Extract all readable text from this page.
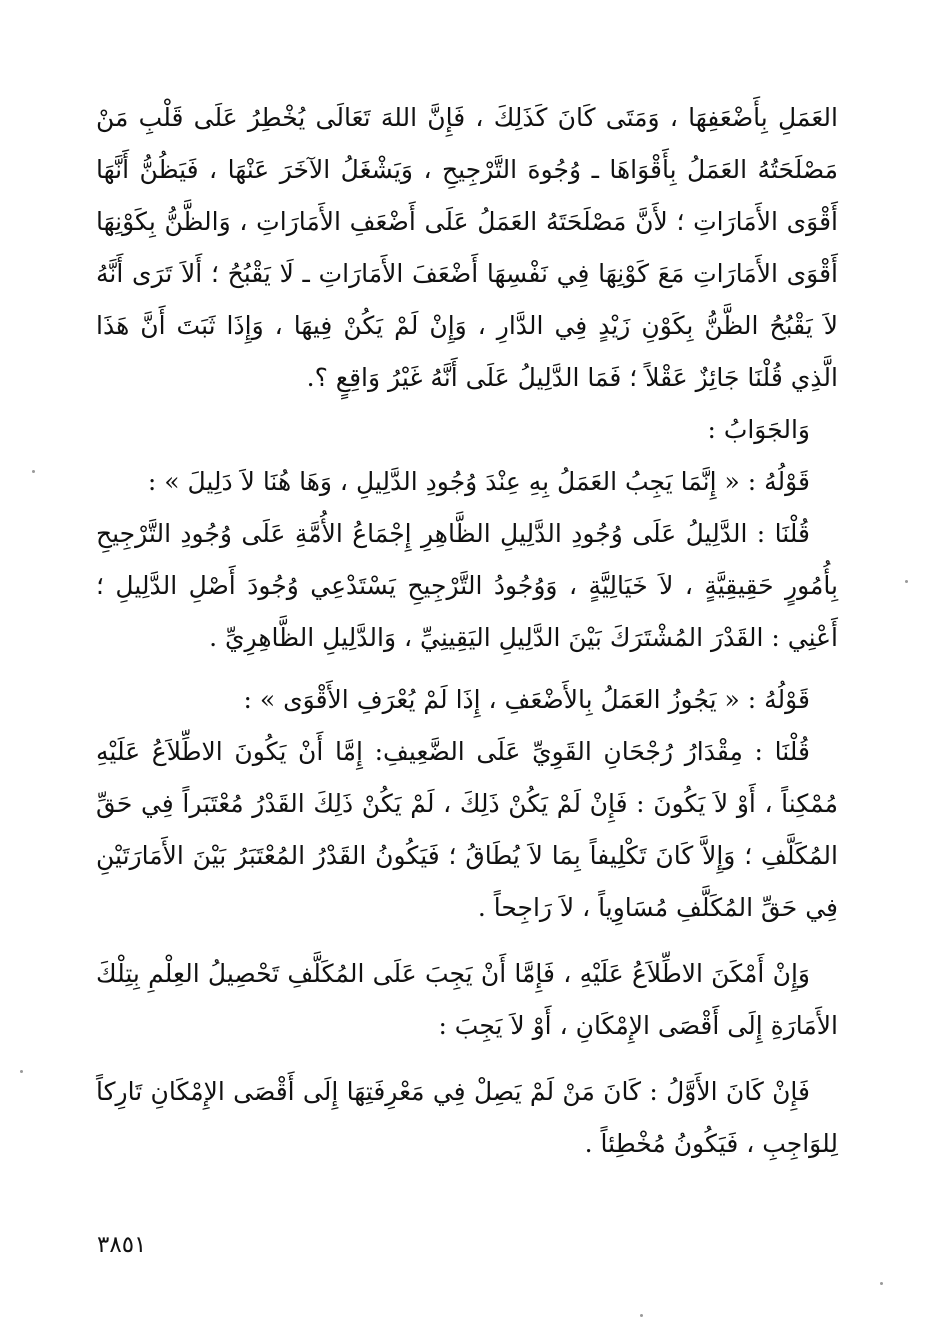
العَمَلِ بِأَضْعَفِهَا ، وَمَتَى كَانَ كَذَلِكَ ، فَإِنَّ اللهَ تَعَالَى يُخْطِرُ عَلَى قَلْبِ مَنْ مَصْلَحَتُهُ العَمَلُ بِأَقْوَاهَا ـ وُجُوهَ التَّرْجِيحِ ، وَيَشْغَلُ الآخَرَ عَنْهَا ، فَيَظُنُّ أَنَّهَا أَقْوَى الأَمَارَاتِ ؛ لأَنَّ مَصْلَحَتَهُ العَمَلُ عَلَى أَضْعَفِ الأَمَارَاتِ ، وَالظَّنُّ بِكَوْنِهَا أَقْوَى الأَمَارَاتِ مَعَ كَوْنِهَا فِي نَفْسِهَا أَضْعَفَ الأَمَارَاتِ ـ لَا يَقْبُحُ ؛ أَلاَ تَرَى أَنَّهُ لاَ يَقْبُحُ الظَّنُّ بِكَوْنِ زَيْدٍ فِي الدَّارِ ، وَإِنْ لَمْ يَكُنْ فِيهَا ، وَإِذَا ثَبَتَ أَنَّ هَذَا الَّذِي قُلْنَا جَائِزٌ عَقْلاً ؛ فَمَا الدَّلِيلُ عَلَى أَنَّهُ غَيْرُ وَاقِعٍ ؟.

وَالجَوَابُ :

قَوْلُهُ : « إِنَّمَا يَجِبُ العَمَلُ بِهِ عِنْدَ وُجُودِ الدَّلِيلِ ، وَهَا هُنَا لاَ دَلِيلَ » :

قُلْنَا : الدَّلِيلُ عَلَى وُجُودِ الدَّلِيلِ الظَّاهِرِ إِجْمَاعُ الأُمَّةِ عَلَى وُجُودِ التَّرْجِيحِ بِأُمُورٍ حَقِيقِيَّةٍ ، لاَ خَيَالِيَّةٍ ، وَوُجُودُ التَّرْجِيحِ يَسْتَدْعِي وُجُودَ أَصْلِ الدَّلِيلِ ؛ أَعْنِي : القَدْرَ المُشْتَرَكَ بَيْنَ الدَّلِيلِ اليَقِينِيِّ ، وَالدَّلِيلِ الظَّاهِرِيِّ .

قَوْلُهُ : « يَجُوزُ العَمَلُ بِالأَضْعَفِ ، إِذَا لَمْ يُعْرَفِ الأَقْوَى » :

قُلْنَا : مِقْدَارُ رُجْحَانِ القَوِيِّ عَلَى الضَّعِيفِ: إِمَّا أَنْ يَكُونَ الاطِّلاَعُ عَلَيْهِ مُمْكِناً ، أَوْ لاَ يَكُونَ : فَإِنْ لَمْ يَكُنْ ذَلِكَ ، لَمْ يَكُنْ ذَلِكَ القَدْرُ مُعْتَبَراً فِي حَقِّ المُكَلَّفِ ؛ وَإِلاَّ كَانَ تَكْلِيفاً بِمَا لاَ يُطَاقُ ؛ فَيَكُونُ القَدْرُ المُعْتَبَرُ بَيْنَ الأَمَارَتَيْنِ فِي حَقِّ المُكَلَّفِ مُسَاوِياً ، لاَ رَاجِحاً .

وَإِنْ أَمْكَنَ الاطِّلاَعُ عَلَيْهِ ، فَإِمَّا أَنْ يَجِبَ عَلَى المُكَلَّفِ تَحْصِيلُ العِلْمِ بِتِلْكَ الأَمَارَةِ إِلَى أَقْصَى الإِمْكَانِ ، أَوْ لاَ يَجِبَ :

فَإِنْ كَانَ الأَوَّلُ : كَانَ مَنْ لَمْ يَصِلْ فِي مَعْرِفَتِهَا إِلَى أَقْصَى الإِمْكَانِ تَارِكاً لِلوَاجِبِ ، فَيَكُونُ مُخْطِئاً .

٣٨٥١
